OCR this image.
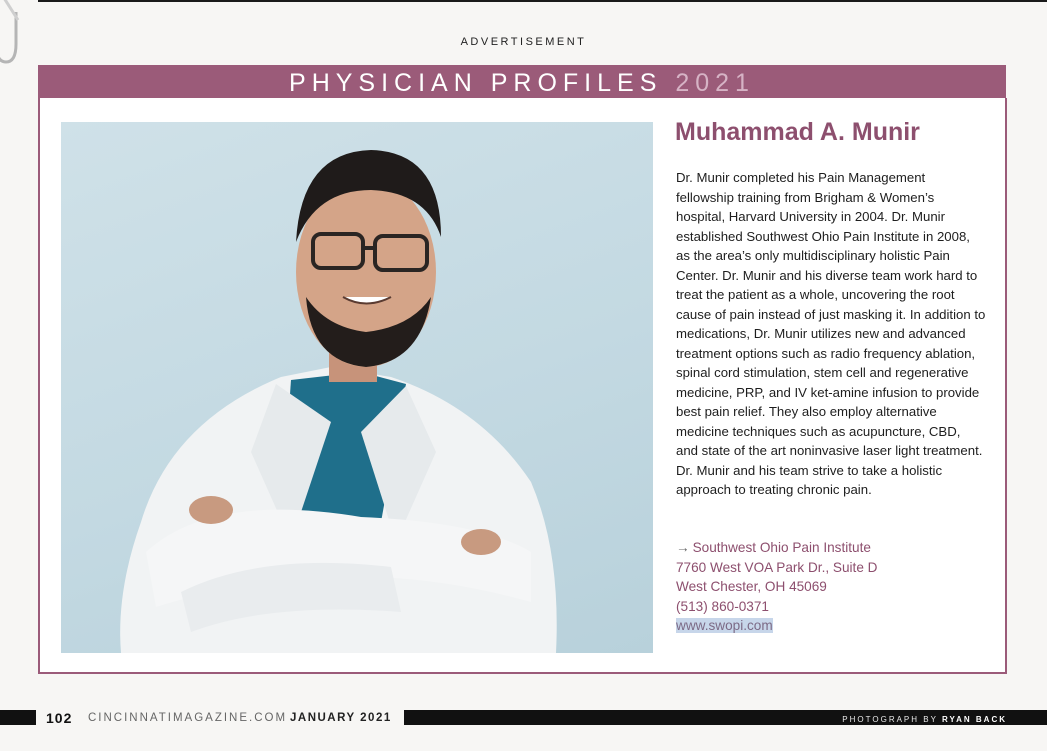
ADVERTISEMENT
PHYSICIAN PROFILES 2021
Muhammad A. Munir
Dr. Munir completed his Pain Management fellowship training from Brigham & Women’s hospital, Harvard University in 2004. Dr. Munir established Southwest Ohio Pain Institute in 2008, as the area’s only multidisciplinary holistic Pain Center. Dr. Munir and his diverse team work hard to treat the patient as a whole, uncovering the root cause of pain instead of just masking it. In addition to medications, Dr. Munir utilizes new and advanced treatment options such as radio frequency ablation, spinal cord stimulation, stem cell and regenerative medicine, PRP, and IV ket-amine infusion to provide best pain relief. They also employ alternative medicine techniques such as acupuncture, CBD, and state of the art noninvasive laser light treatment. Dr. Munir and his team strive to take a holistic approach to treating chronic pain.
→ Southwest Ohio Pain Institute
7760 West VOA Park Dr., Suite D
West Chester, OH 45069
(513) 860-0371
www.swopi.com
102 CINCINNATIMAGAZINE.COM JANUARY 2021	PHOTOGRAPH BY RYAN BACK
